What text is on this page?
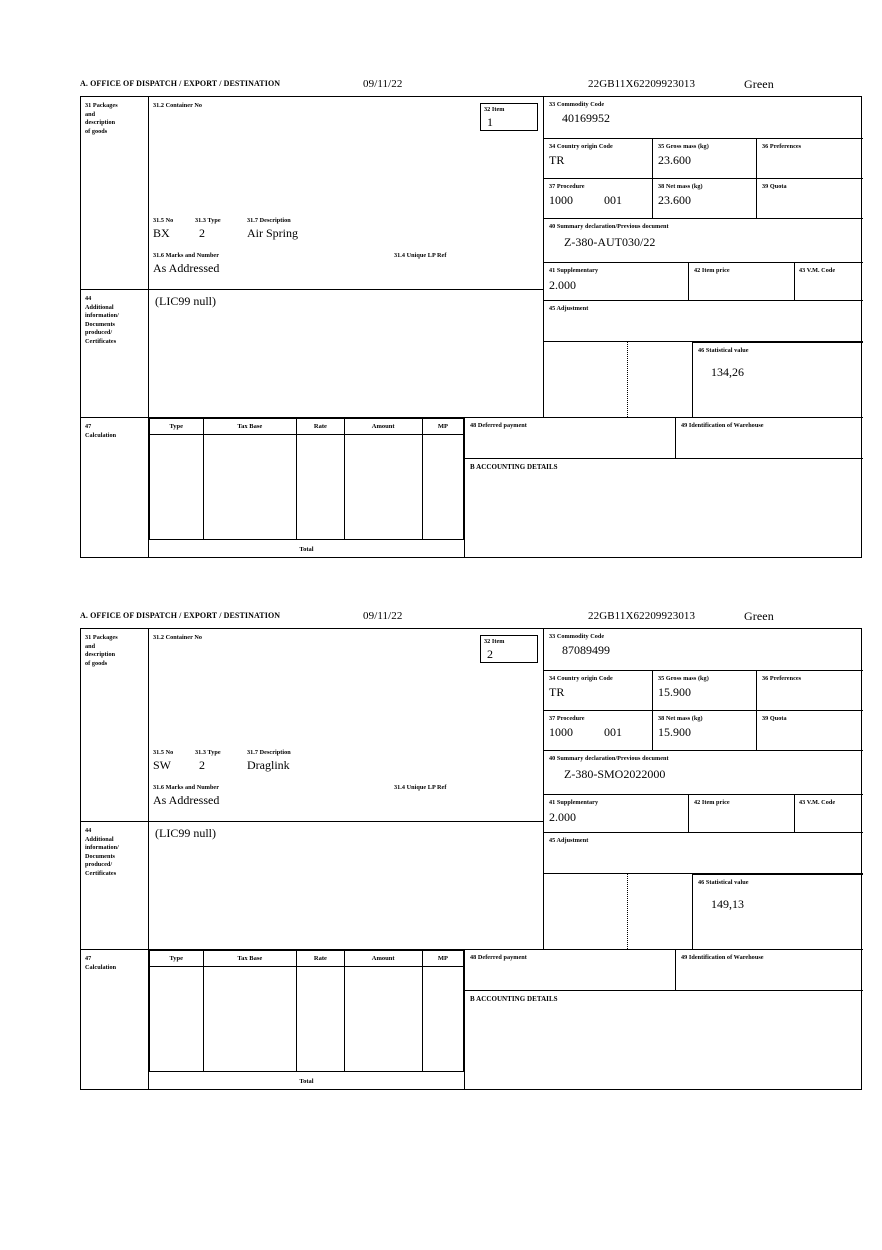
A. OFFICE OF DISPATCH / EXPORT / DESTINATION	09/11/22	22GB11X62209923013	Green
31 Packages
and
description
of goods
31.2 Container No
31.5 No	31.3 Type	31.7 Description
BX 2	Air Spring
31.6 Marks and Number
As Addressed
31.4 Unique LP Ref
32 Item
1
33 Commodity Code
40169952
34 Country origin Code
TR
35 Gross mass (kg)
23.600
36 Preferences
37 Procedure
1000	001
38 Net mass (kg)
23.600
39 Quota
40 Summary declaration/Previous document
Z-380-AUT030/22
41 Supplementary
2.000
42 Item price	43 V.M. Code
45 Adjustment
44
Additional
information/
Documents
produced/
Certificates
(LIC99 null)
46 Statistical value
134,26
47
Calculation
Type	Tax Base	Rate	Amount	MP

Total				
48 Deferred payment	49 Identification of Warehouse
B ACCOUNTING DETAILS
A. OFFICE OF DISPATCH / EXPORT / DESTINATION	09/11/22	22GB11X62209923013	Green
31 Packages
and
description
of goods
31.2 Container No
31.5 No	31.3 Type	31.7 Description
SW 2	Draglink
31.6 Marks and Number
As Addressed
31.4 Unique LP Ref
32 Item
2
33 Commodity Code
87089499
34 Country origin Code
TR
35 Gross mass (kg)
15.900
36 Preferences
37 Procedure
1000	001
38 Net mass (kg)
15.900
39 Quota
40 Summary declaration/Previous document
Z-380-SMO2022000
41 Supplementary
2.000
42 Item price	43 V.M. Code
45 Adjustment
44
Additional
information/
Documents
produced/
Certificates
(LIC99 null)
46 Statistical value
149,13
47
Calculation
Type	Tax Base	Rate	Amount	MP

Total				
48 Deferred payment	49 Identification of Warehouse
B ACCOUNTING DETAILS
